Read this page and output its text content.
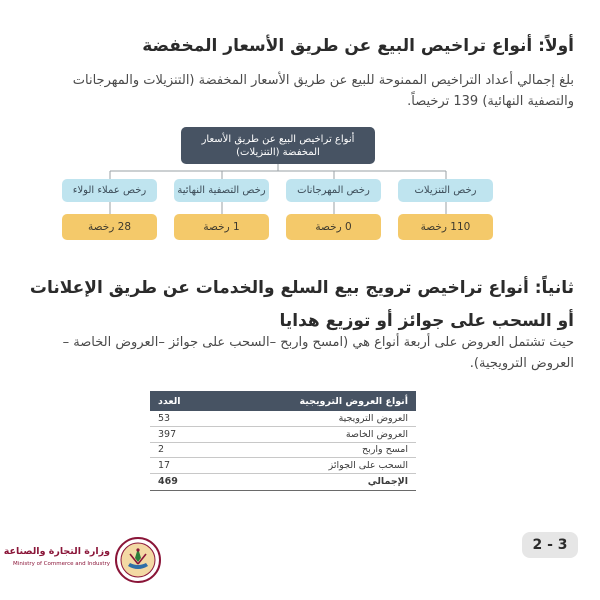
أولاً: أنواع تراخيص البيع عن طريق الأسعار المخفضة
بلغ إجمالي أعداد التراخيص الممنوحة للبيع عن طريق الأسعار المخفضة (التنزيلات والمهرجانات والتصفية النهائية) 139 ترخيصاً.
أنواع تراخيص البيع عن طريق الأسعار المخفضة (التنزيلات)
رخص التنزيلات
رخص المهرجانات
رخص التصفية النهائية
رخص عملاء الولاء
110 رخصة
0 رخصة
1 رخصة
28 رخصة
ثانياً: أنواع تراخيص ترويج بيع السلع والخدمات عن طريق الإعلانات
أو السحب على جوائز أو توزيع هدايا
حيث تشتمل العروض على أربعة أنواع هي (امسح واربح –السحب على جوائز –العروض الخاصة – العروض الترويجية).
أنواع العروض الترويجية	العدد
العروض الترويجية	53
العروض الخاصة	397
امسح واربح	2
السحب على الجوائز	17
الإجمالي	469
2 - 3
وزارة التجارة والصناعة
Ministry of Commerce and Industry
